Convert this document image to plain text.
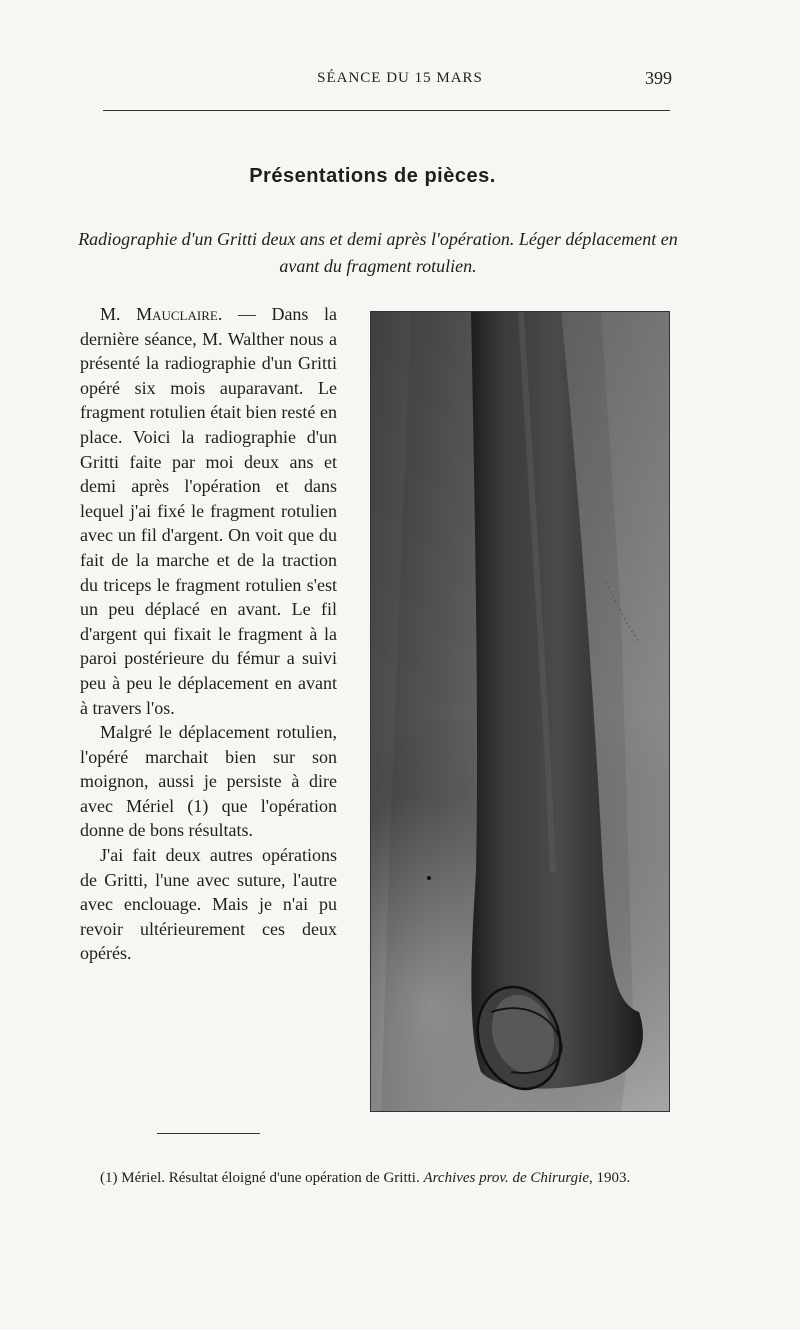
SÉANCE DU 15 MARS	399
Présentations de pièces.
Radiographie d'un Gritti deux ans et demi après l'opération. Léger déplacement en avant du fragment rotulien.

M. Mauclaire. — Dans la dernière séance, M. Walther nous a présenté la radiographie d'un Gritti opéré six mois auparavant. Le fragment rotulien était bien resté en place. Voici la radiographie d'un Gritti faite par moi deux ans et demi après l'opération et dans lequel j'ai fixé le fragment rotulien avec un fil d'argent. On voit que du fait de la marche et de la traction du triceps le fragment rotulien s'est un peu déplacé en avant. Le fil d'argent qui fixait le fragment à la paroi postérieure du fémur a suivi peu à peu le déplacement en avant à travers l'os.

Malgré le déplacement rotulien, l'opéré marchait bien sur son moignon, aussi je persiste à dire avec Mériel (1) que l'opération donne de bons résultats.

J'ai fait deux autres opérations de Gritti, l'une avec suture, l'autre avec enclouage. Mais je n'ai pu revoir ultérieurement ces deux opérés.

(1) Mériel. Résultat éloigné d'une opération de Gritti. Archives prov. de Chirurgie, 1903.
